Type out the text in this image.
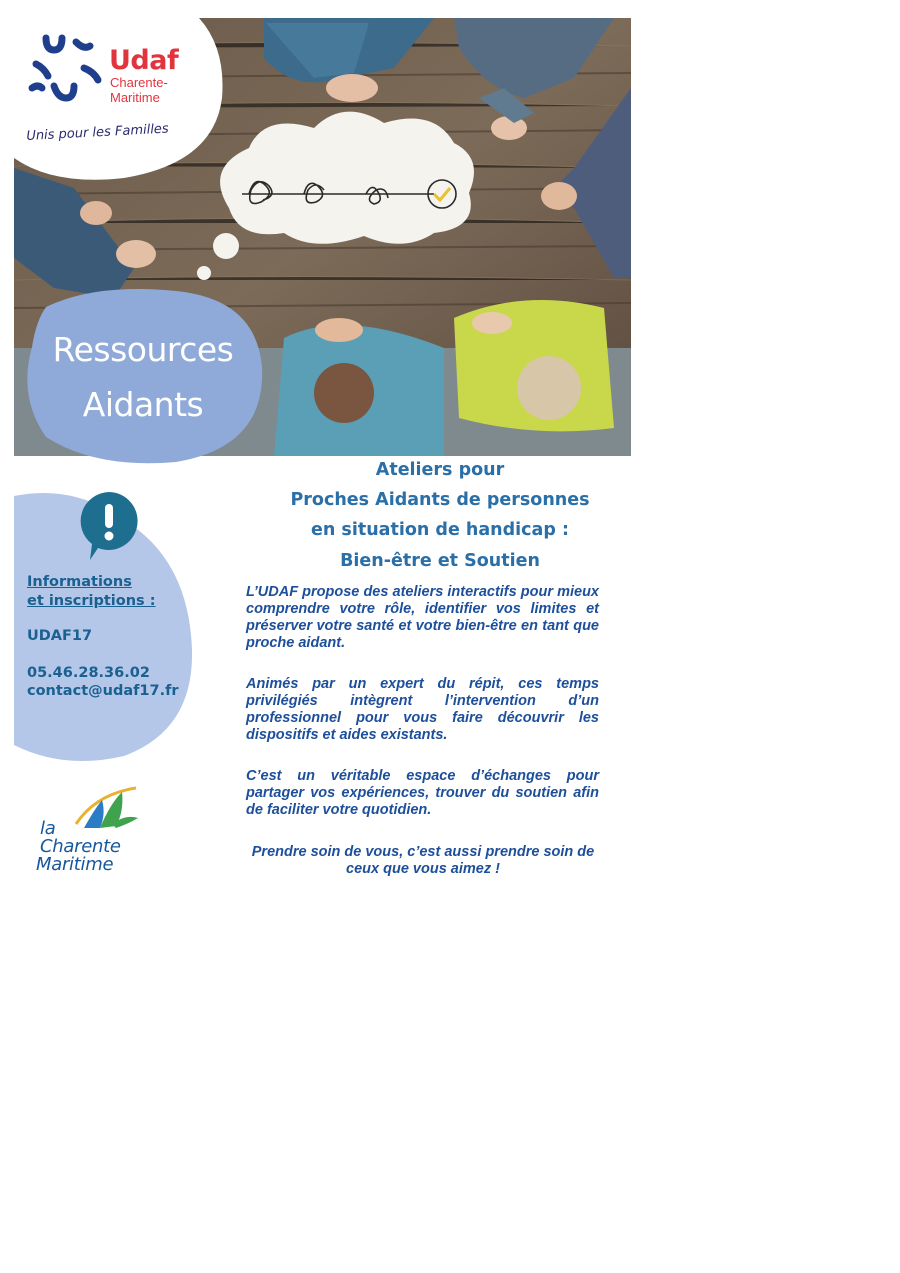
Udaf
Charente-
Maritime
Unis pour les Familles
Ressources
Aidants
Ateliers pour
Proches Aidants de personnes
en situation de handicap :
Bien-être et Soutien

L’UDAF propose des ateliers interactifs pour mieux comprendre votre rôle, identifier vos limites et préserver votre santé et votre bien-être en tant que proche aidant.

Animés par un expert du répit, ces temps privilégiés intègrent l’intervention d’un professionnel pour vous faire découvrir les dispositifs et aides existants.

C’est un véritable espace d’échanges pour partager vos expériences, trouver du soutien afin de faciliter votre quotidien.

Prendre soin de vous, c’est aussi prendre soin de ceux que vous aimez !

Informations
et inscriptions :
UDAF17
05.46.28.36.02
contact@udaf17.fr
la
Charente
Maritime
